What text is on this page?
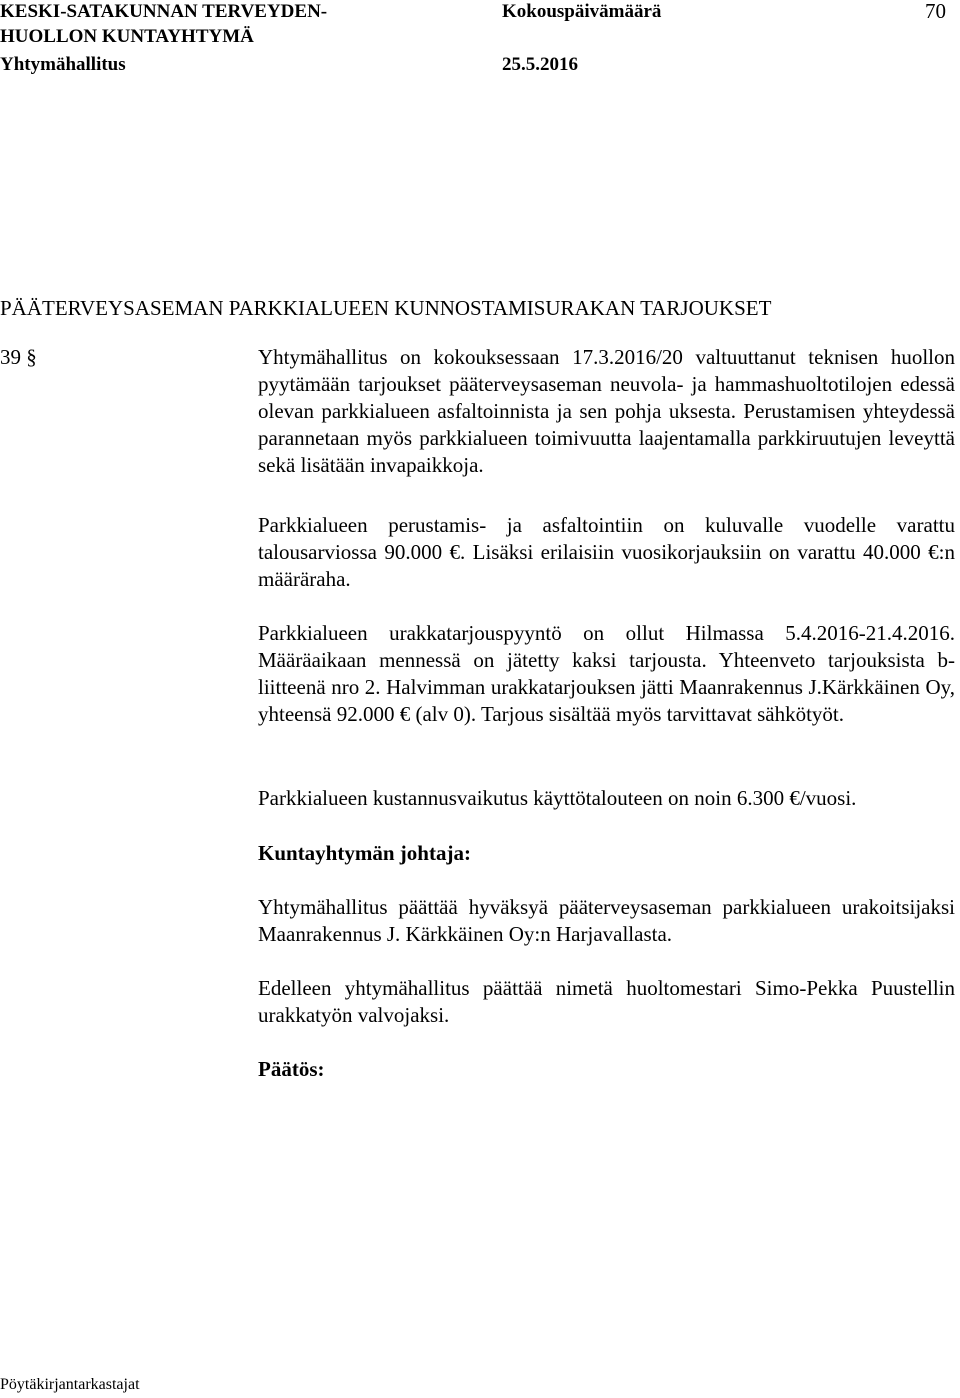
KESKI-SATAKUNNAN TERVEYDEN-
HUOLLON KUNTAYHTYMÄ
Yhtymähallitus
Kokouspäivämäärä
25.5.2016
70
PÄÄTERVEYSASEMAN PARKKIALUEEN KUNNOSTAMISURAKAN TARJOUKSET
39 §	Yhtymähallitus on kokouksessaan 17.3.2016/20 valtuuttanut teknisen huollon pyytämään tarjoukset pääterveysaseman neuvola- ja hammashuoltotilojen edessä olevan parkkialueen asfaltoinnista ja sen pohja uksesta. Perustamisen yhteydessä parannetaan myös parkkialueen toimivuutta laajentamalla parkkiruutujen leveyttä sekä lisätään invapaikkoja.

Parkkialueen perustamis- ja asfaltointiin on kuluvalle vuodelle varattu talousarviossa 90.000 €. Lisäksi erilaisiin vuosikorjauksiin on varattu 40.000 €:n määräraha.

Parkkialueen urakkatarjouspyyntö on ollut Hilmassa 5.4.2016-21.4.2016. Määräaikaan mennessä on jätetty kaksi tarjousta. Yhteenveto tarjouksista b-liitteenä nro 2. Halvimman urakkatarjouksen jätti Maanrakennus J.Kärkkäinen Oy, yhteensä 92.000 € (alv 0). Tarjous sisältää myös tarvittavat sähkötyöt.

Parkkialueen kustannusvaikutus käyttötalouteen on noin 6.300 €/vuosi.

Kuntayhtymän johtaja:

Yhtymähallitus päättää hyväksyä pääterveysaseman parkkialueen urakoitsijaksi Maanrakennus J. Kärkkäinen Oy:n Harjavallasta.

Edelleen yhtymähallitus päättää nimetä huoltomestari Simo-Pekka Puustellin urakkatyön valvojaksi.

Päätös:
Pöytäkirjantarkastajat
